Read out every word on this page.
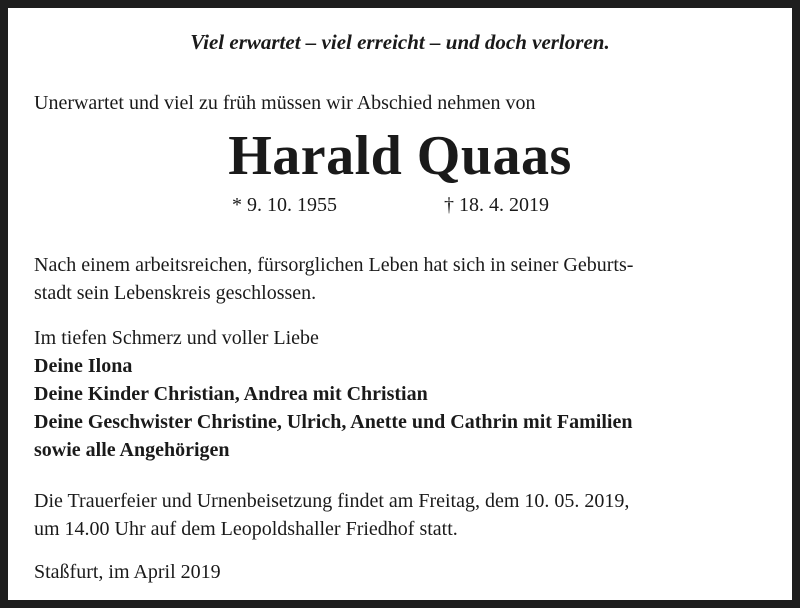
Viel erwartet – viel erreicht – und doch verloren.
Unerwartet und viel zu früh müssen wir Abschied nehmen von
Harald Quaas
* 9. 10. 1955	† 18. 4. 2019
Nach einem arbeitsreichen, fürsorglichen Leben hat sich in seiner Geburts-
stadt sein Lebenskreis geschlossen.
Im tiefen Schmerz und voller Liebe
Deine Ilona
Deine Kinder Christian, Andrea mit Christian
Deine Geschwister Christine, Ulrich, Anette und Cathrin mit Familien
sowie alle Angehörigen
Die Trauerfeier und Urnenbeisetzung findet am Freitag, dem 10. 05. 2019,
um 14.00 Uhr auf dem Leopoldshaller Friedhof statt.
Staßfurt, im April 2019
